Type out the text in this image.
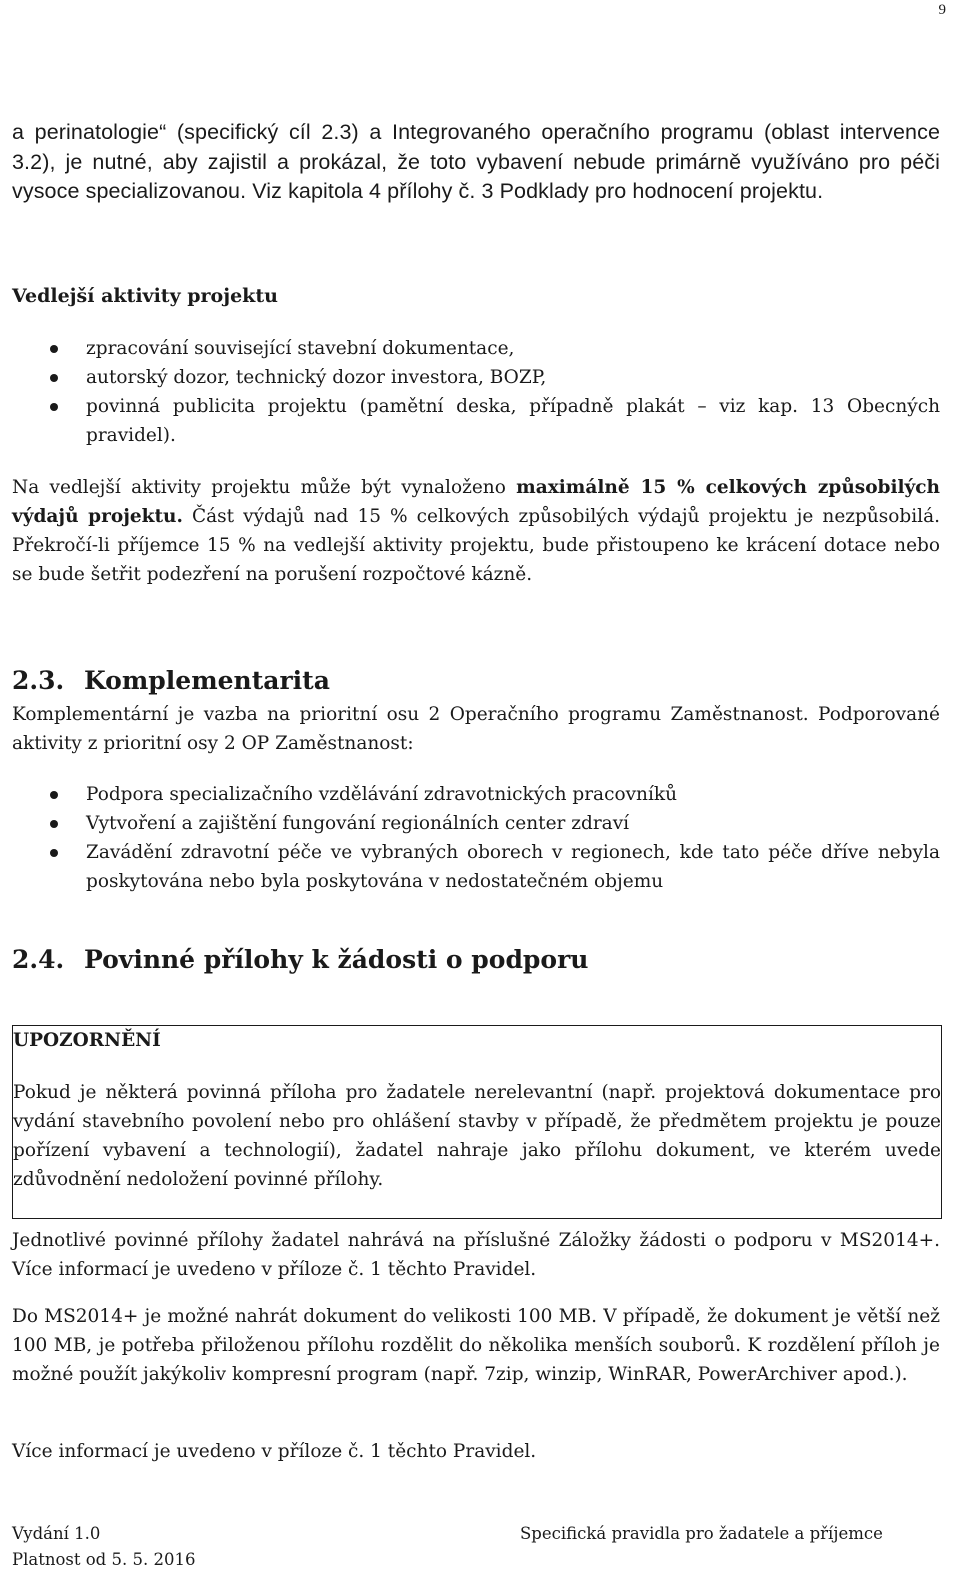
9

a perinatologie“ (specifický cíl 2.3) a Integrovaného operačního programu (oblast intervence 3.2), je nutné, aby zajistil a prokázal, že toto vybavení nebude primárně využíváno pro péči vysoce specializovanou. Viz kapitola 4 přílohy č. 3 Podklady pro hodnocení projektu.

Vedlejší aktivity projektu

zpracování související stavební dokumentace,
autorský dozor, technický dozor investora, BOZP,
povinná publicita projektu (pamětní deska, případně plakát – viz kap. 13 Obecných pravidel).

Na vedlejší aktivity projektu může být vynaloženo maximálně 15 % celkových způsobilých výdajů projektu. Část výdajů nad 15 % celkových způsobilých výdajů projektu je nezpůsobilá. Překročí-li příjemce 15 % na vedlejší aktivity projektu, bude přistoupeno ke krácení dotace nebo se bude šetřit podezření na porušení rozpočtové kázně.

2.3. Komplementarita

Komplementární je vazba na prioritní osu 2 Operačního programu Zaměstnanost. Podporované aktivity z prioritní osy 2 OP Zaměstnanost:

Podpora specializačního vzdělávání zdravotnických pracovníků
Vytvoření a zajištění fungování regionálních center zdraví
Zavádění zdravotní péče ve vybraných oborech v regionech, kde tato péče dříve nebyla poskytována nebo byla poskytována v nedostatečném objemu

2.4. Povinné přílohy k žádosti o podporu

UPOZORNĚNÍ

Pokud je některá povinná příloha pro žadatele nerelevantní (např. projektová dokumentace pro vydání stavebního povolení nebo pro ohlášení stavby v případě, že předmětem projektu je pouze pořízení vybavení a technologií), žadatel nahraje jako přílohu dokument, ve kterém uvede zdůvodnění nedoložení povinné přílohy.

Jednotlivé povinné přílohy žadatel nahrává na příslušné Záložky žádosti o podporu v MS2014+. Více informací je uvedeno v příloze č. 1 těchto Pravidel.

Do MS2014+ je možné nahrát dokument do velikosti 100 MB. V případě, že dokument je větší než 100 MB, je potřeba přiloženou přílohu rozdělit do několika menších souborů. K rozdělení příloh je možné použít jakýkoliv kompresní program (např. 7zip, winzip, WinRAR, PowerArchiver apod.).

Více informací je uvedeno v příloze č. 1 těchto Pravidel.

Vydání 1.0
Platnost od 5. 5. 2016
Specifická pravidla pro žadatele a příjemce
